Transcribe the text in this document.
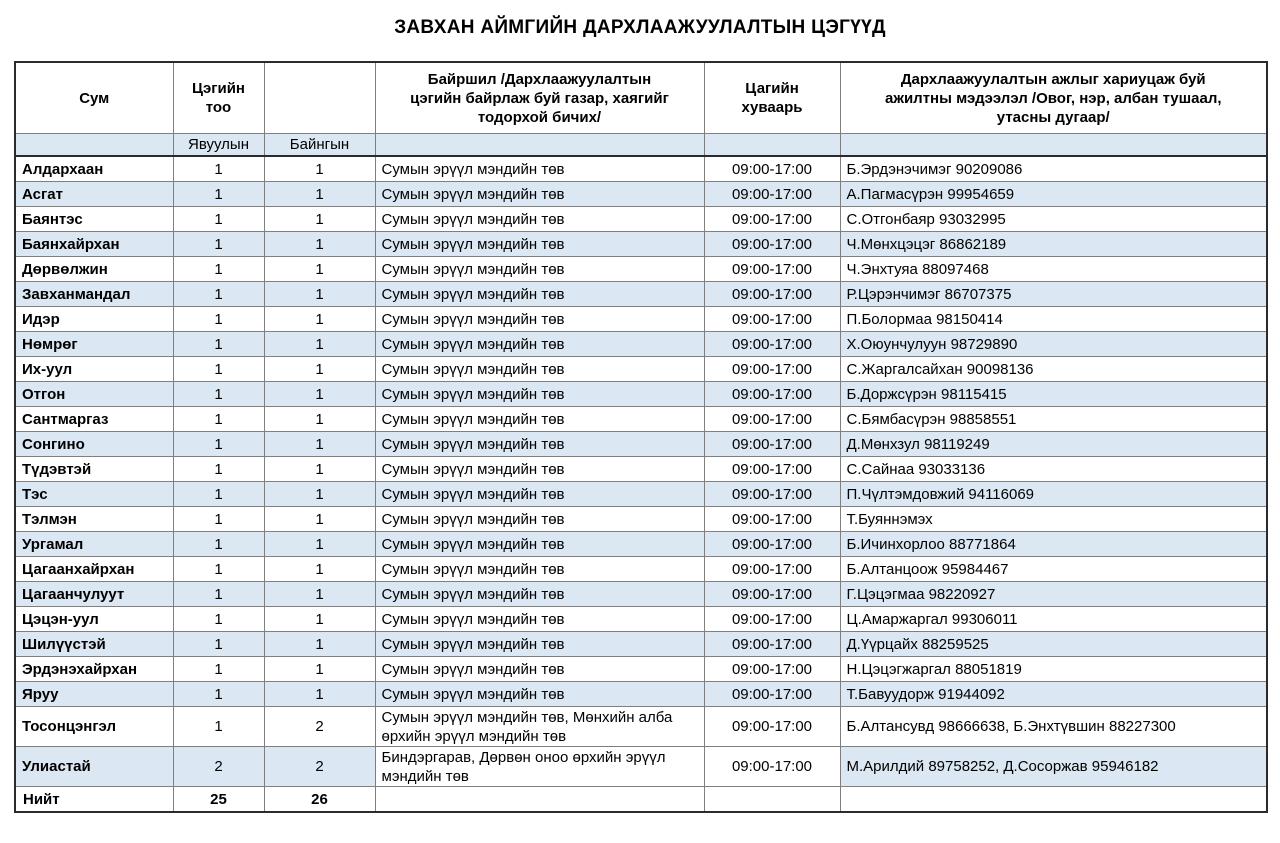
ЗАВХАН АЙМГИЙН ДАРХЛААЖУУЛАЛТЫН ЦЭГҮҮД
Сум	Цэгийн тоо		Байршил /Дархлаажуулалтын цэгийн байрлаж буй газар, хаягийг тодорхой бичих/	Цагийн хуваарь	Дархлаажуулалтын ажлыг хариуцаж буй ажилтны мэдээлэл /Овог, нэр, албан тушаал, утасны дугаар/
	Явуулын	Байнгын			
Алдархаан	1	1	Сумын эрүүл мэндийн төв	09:00-17:00	Б.Эрдэнэчимэг 90209086
Асгат	1	1	Сумын эрүүл мэндийн төв	09:00-17:00	А.Пагмасүрэн 99954659
Баянтэс	1	1	Сумын эрүүл мэндийн төв	09:00-17:00	С.Отгонбаяр 93032995
Баянхайрхан	1	1	Сумын эрүүл мэндийн төв	09:00-17:00	Ч.Мөнхцэцэг 86862189
Дөрвөлжин	1	1	Сумын эрүүл мэндийн төв	09:00-17:00	Ч.Энхтуяа 88097468
Завханмандал	1	1	Сумын эрүүл мэндийн төв	09:00-17:00	Р.Цэрэнчимэг 86707375
Идэр	1	1	Сумын эрүүл мэндийн төв	09:00-17:00	П.Болормаа 98150414
Нөмрөг	1	1	Сумын эрүүл мэндийн төв	09:00-17:00	Х.Оюунчулуун 98729890
Их-уул	1	1	Сумын эрүүл мэндийн төв	09:00-17:00	С.Жаргалсайхан 90098136
Отгон	1	1	Сумын эрүүл мэндийн төв	09:00-17:00	Б.Доржсүрэн 98115415
Сантмаргаз	1	1	Сумын эрүүл мэндийн төв	09:00-17:00	С.Бямбасүрэн 98858551
Сонгино	1	1	Сумын эрүүл мэндийн төв	09:00-17:00	Д.Мөнхзул 98119249
Түдэвтэй	1	1	Сумын эрүүл мэндийн төв	09:00-17:00	С.Сайнаа 93033136
Тэс	1	1	Сумын эрүүл мэндийн төв	09:00-17:00	П.Чүлтэмдовжий 94116069
Тэлмэн	1	1	Сумын эрүүл мэндийн төв	09:00-17:00	Т.Буяннэмэх
Ургамал	1	1	Сумын эрүүл мэндийн төв	09:00-17:00	Б.Ичинхорлоо 88771864
Цагаанхайрхан	1	1	Сумын эрүүл мэндийн төв	09:00-17:00	Б.Алтанцоож 95984467
Цагаанчулуут	1	1	Сумын эрүүл мэндийн төв	09:00-17:00	Г.Цэцэгмаа 98220927
Цэцэн-уул	1	1	Сумын эрүүл мэндийн төв	09:00-17:00	Ц.Амаржаргал 99306011
Шилүүстэй	1	1	Сумын эрүүл мэндийн төв	09:00-17:00	Д.Үүрцайх 88259525
Эрдэнэхайрхан	1	1	Сумын эрүүл мэндийн төв	09:00-17:00	Н.Цэцэгжаргал 88051819
Яруу	1	1	Сумын эрүүл мэндийн төв	09:00-17:00	Т.Бавуудорж 91944092
Тосонцэнгэл	1	2	Сумын эрүүл мэндийн төв, Мөнхийн алба өрхийн эрүүл мэндийн төв	09:00-17:00	Б.Алтансувд 98666638, Б.Энхтүвшин 88227300
Улиастай	2	2	Биндэргарав, Дөрвөн оноо өрхийн эрүүл мэндийн төв	09:00-17:00	М.Арилдий 89758252, Д.Сосоржав 95946182
Нийт	25	26			
